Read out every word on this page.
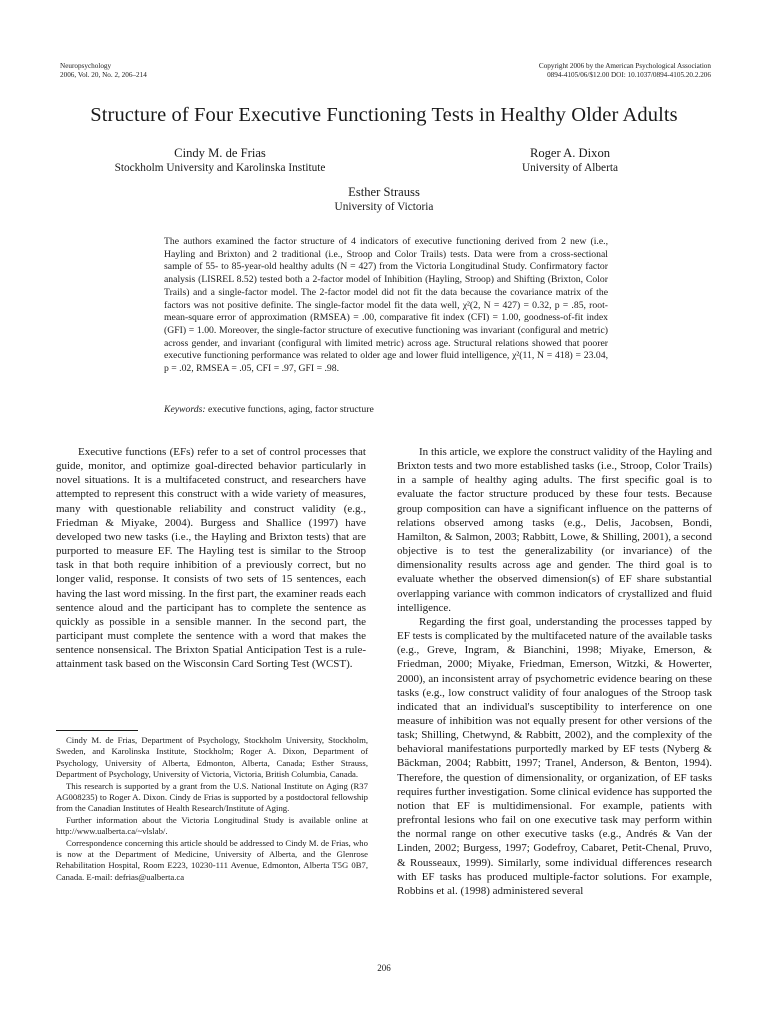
Neuropsychology
2006, Vol. 20, No. 2, 206–214
Copyright 2006 by the American Psychological Association
0894-4105/06/$12.00 DOI: 10.1037/0894-4105.20.2.206
Structure of Four Executive Functioning Tests in Healthy Older Adults
Cindy M. de Frias
Stockholm University and Karolinska Institute
Roger A. Dixon
University of Alberta
Esther Strauss
University of Victoria
The authors examined the factor structure of 4 indicators of executive functioning derived from 2 new (i.e., Hayling and Brixton) and 2 traditional (i.e., Stroop and Color Trails) tests. Data were from a cross-sectional sample of 55- to 85-year-old healthy adults (N = 427) from the Victoria Longitudinal Study. Confirmatory factor analysis (LISREL 8.52) tested both a 2-factor model of Inhibition (Hayling, Stroop) and Shifting (Brixton, Color Trails) and a single-factor model. The 2-factor model did not fit the data because the covariance matrix of the factors was not positive definite. The single-factor model fit the data well, χ²(2, N = 427) = 0.32, p = .85, root-mean-square error of approximation (RMSEA) = .00, comparative fit index (CFI) = 1.00, goodness-of-fit index (GFI) = 1.00. Moreover, the single-factor structure of executive functioning was invariant (configural and metric) across gender, and invariant (configural with limited metric) across age. Structural relations showed that poorer executive functioning performance was related to older age and lower fluid intelligence, χ²(11, N = 418) = 23.04, p = .02, RMSEA = .05, CFI = .97, GFI = .98.
Keywords: executive functions, aging, factor structure

Executive functions (EFs) refer to a set of control processes that guide, monitor, and optimize goal-directed behavior particularly in novel situations. It is a multifaceted construct, and researchers have attempted to represent this construct with a wide variety of measures, many with questionable reliability and construct validity (e.g., Friedman & Miyake, 2004). Burgess and Shallice (1997) have developed two new tasks (i.e., the Hayling and Brixton tests) that are purported to measure EF. The Hayling test is similar to the Stroop task in that both require inhibition of a previously correct, but no longer valid, response. It consists of two sets of 15 sentences, each having the last word missing. In the first part, the examiner reads each sentence aloud and the participant has to complete the sentence as quickly as possible in a sensible manner. In the second part, the participant must complete the sentence with a word that makes the sentence nonsensical. The Brixton Spatial Anticipation Test is a rule-attainment task based on the Wisconsin Card Sorting Test (WCST).

Cindy M. de Frias, Department of Psychology, Stockholm University, Stockholm, Sweden, and Karolinska Institute, Stockholm; Roger A. Dixon, Department of Psychology, University of Alberta, Edmonton, Alberta, Canada; Esther Strauss, Department of Psychology, University of Victoria, Victoria, British Columbia, Canada.

This research is supported by a grant from the U.S. National Institute on Aging (R37 AG008235) to Roger A. Dixon. Cindy de Frias is supported by a postdoctoral fellowship from the Canadian Institutes of Health Research/Institute of Aging.

Further information about the Victoria Longitudinal Study is available online at http://www.ualberta.ca/~vlslab/.

Correspondence concerning this article should be addressed to Cindy M. de Frias, who is now at the Department of Medicine, University of Alberta, and the Glenrose Rehabilitation Hospital, Room E223, 10230-111 Avenue, Edmonton, Alberta T5G 0B7, Canada. E-mail: defrias@ualberta.ca

In this article, we explore the construct validity of the Hayling and Brixton tests and two more established tasks (i.e., Stroop, Color Trails) in a sample of healthy aging adults. The first specific goal is to evaluate the factor structure produced by these four tests. Because group composition can have a significant influence on the patterns of relations observed among tasks (e.g., Delis, Jacobsen, Bondi, Hamilton, & Salmon, 2003; Rabbitt, Lowe, & Shilling, 2001), a second objective is to test the generalizability (or invariance) of the dimensionality results across age and gender. The third goal is to evaluate whether the observed dimension(s) of EF share substantial overlapping variance with common indicators of crystallized and fluid intelligence.

Regarding the first goal, understanding the processes tapped by EF tests is complicated by the multifaceted nature of the available tasks (e.g., Greve, Ingram, & Bianchini, 1998; Miyake, Emerson, & Friedman, 2000; Miyake, Friedman, Emerson, Witzki, & Howerter, 2000), an inconsistent array of psychometric evidence bearing on these tasks (e.g., low construct validity of four analogues of the Stroop task indicated that an individual's susceptibility to interference on one measure of inhibition was not equally present for other versions of the task; Shilling, Chetwynd, & Rabbitt, 2002), and the complexity of the behavioral manifestations purportedly marked by EF tests (Nyberg & Bäckman, 2004; Rabbitt, 1997; Tranel, Anderson, & Benton, 1994). Therefore, the question of dimensionality, or organization, of EF tasks requires further investigation. Some clinical evidence has supported the notion that EF is multidimensional. For example, patients with prefrontal lesions who fail on one executive task may perform within the normal range on other executive tasks (e.g., Andrés & Van der Linden, 2002; Burgess, 1997; Godefroy, Cabaret, Petit-Chenal, Pruvo, & Rousseaux, 1999). Similarly, some individual differences research with EF tasks has produced multiple-factor solutions. For example, Robbins et al. (1998) administered several

206
